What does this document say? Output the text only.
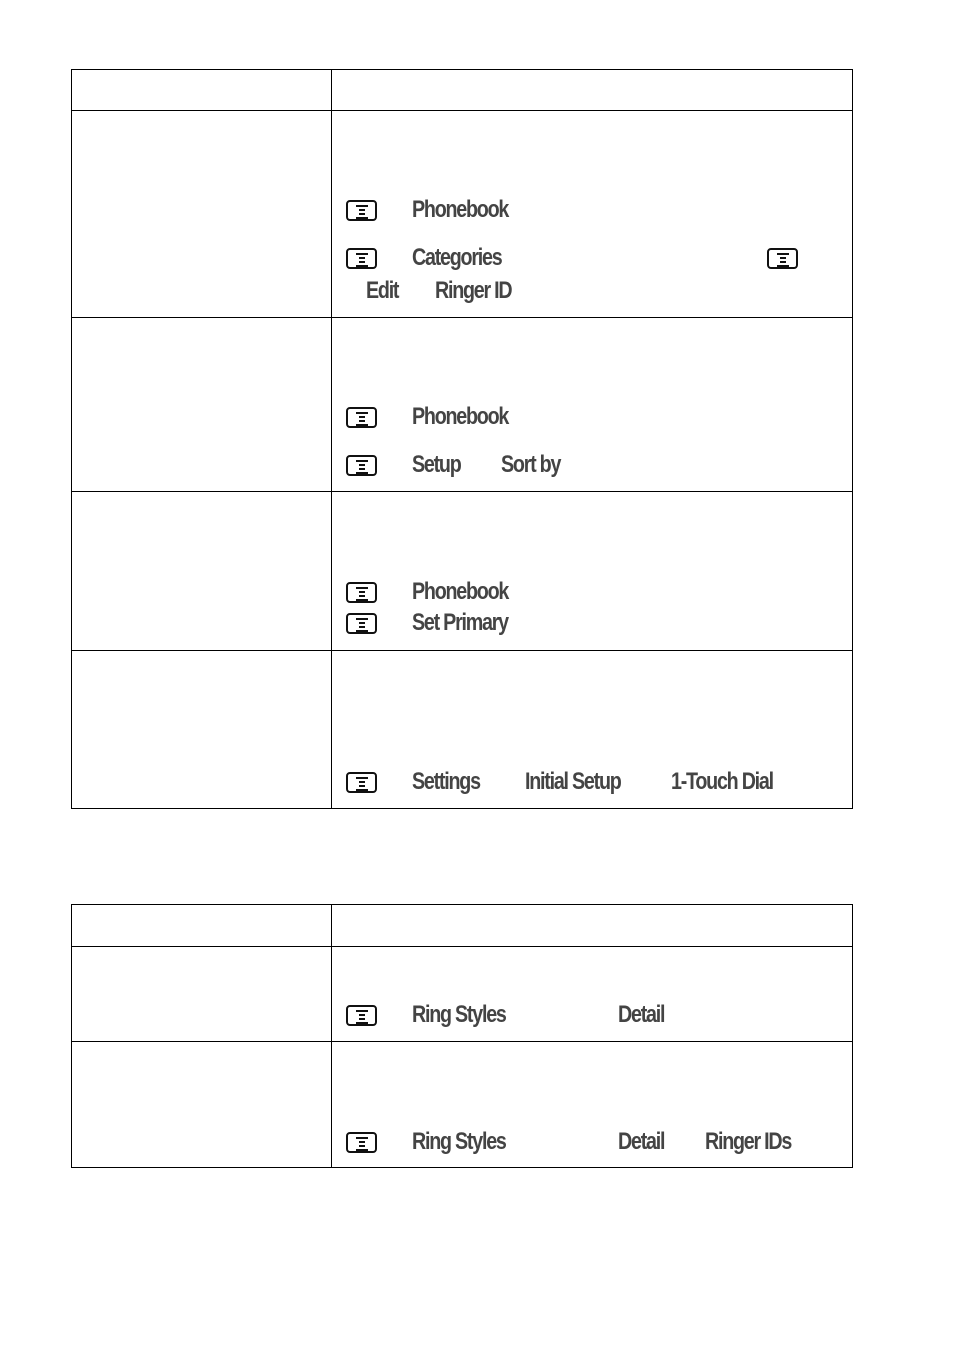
	Phonebook
Categories
Edit Ringer ID

	Phonebook
Setup Sort by

	Phonebook
Set Primary

	Settings Initial Setup 1-Touch Dial

	Ring Styles Detail

	Ring Styles Detail Ringer IDs
